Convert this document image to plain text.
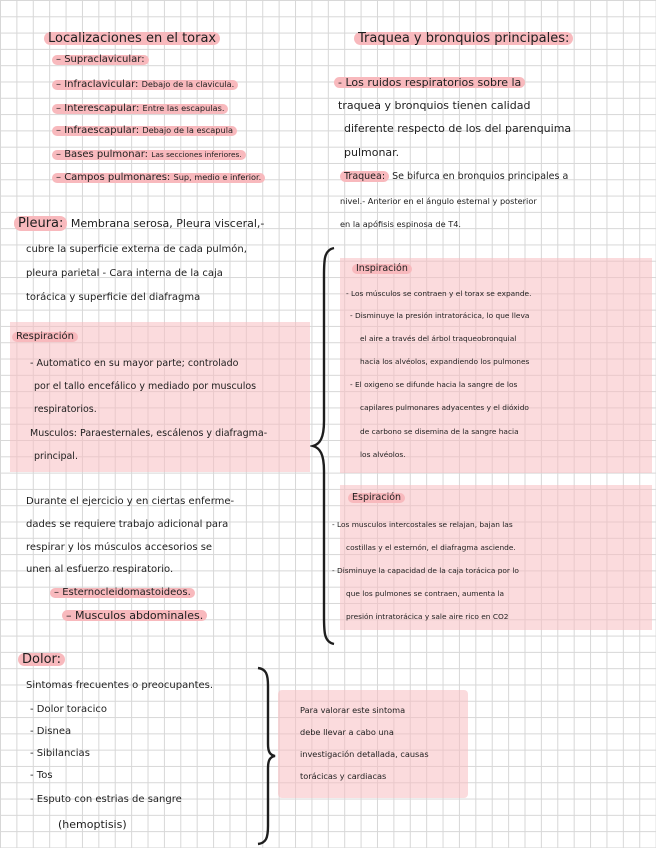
Localizaciones en el torax
– Supraclavicular:
– Infraclavicular: Debajo de la clavicula.
– Interescapular: Entre las escapulas.
– Infraescapular: Debajo de la escapula
– Bases pulmonar: Las secciones inferiores.
– Campos pulmonares: Sup, medio e inferior.
Traquea y bronquios principales:
- Los ruidos respiratorios sobre la
traquea y bronquios tienen calidad
diferente respecto de los del parenquima
pulmonar.
Traquea: Se bifurca en bronquios principales a
nivel.- Anterior en el ángulo esternal y posterior
en la apófisis espinosa de T4.
Pleura: Membrana serosa, Pleura visceral,-
cubre la superficie externa de cada pulmón,
pleura parietal - Cara interna de la caja
torácica y superficie del diafragma
Respiración
- Automatico en su mayor parte; controlado
por el tallo encefálico y mediado por musculos
respiratorios.
Musculos: Paraesternales, escálenos y diafragma-
principal.
Durante el ejercicio y en ciertas enferme-
dades se requiere trabajo adicional para
respirar y los músculos accesorios se
unen al esfuerzo respiratorio.
– Esternocleidomastoideos.
– Musculos abdominales.
Inspiración
- Los músculos se contraen y el torax se expande.
- Disminuye la presión intratorácica, lo que lleva
el aire a través del árbol traqueobronquial
hacia los alvéolos, expandiendo los pulmones
- El oxigeno se difunde hacia la sangre de los
capilares pulmonares adyacentes y el dióxido
de carbono se disemina de la sangre hacia
los alvéolos.
Espiración
- Los musculos intercostales se relajan, bajan las
costillas y el esternón, el diafragma asciende.
- Disminuye la capacidad de la caja torácica por lo
que los pulmones se contraen, aumenta la
presión intratorácica y sale aire rico en CO2
Dolor:
Sintomas frecuentes o preocupantes.
- Dolor toracico
- Disnea
- Sibilancias
- Tos
- Esputo con estrias de sangre
(hemoptisis)
Para valorar este sintoma
debe llevar a cabo una
investigación detallada, causas
torácicas y cardiacas
